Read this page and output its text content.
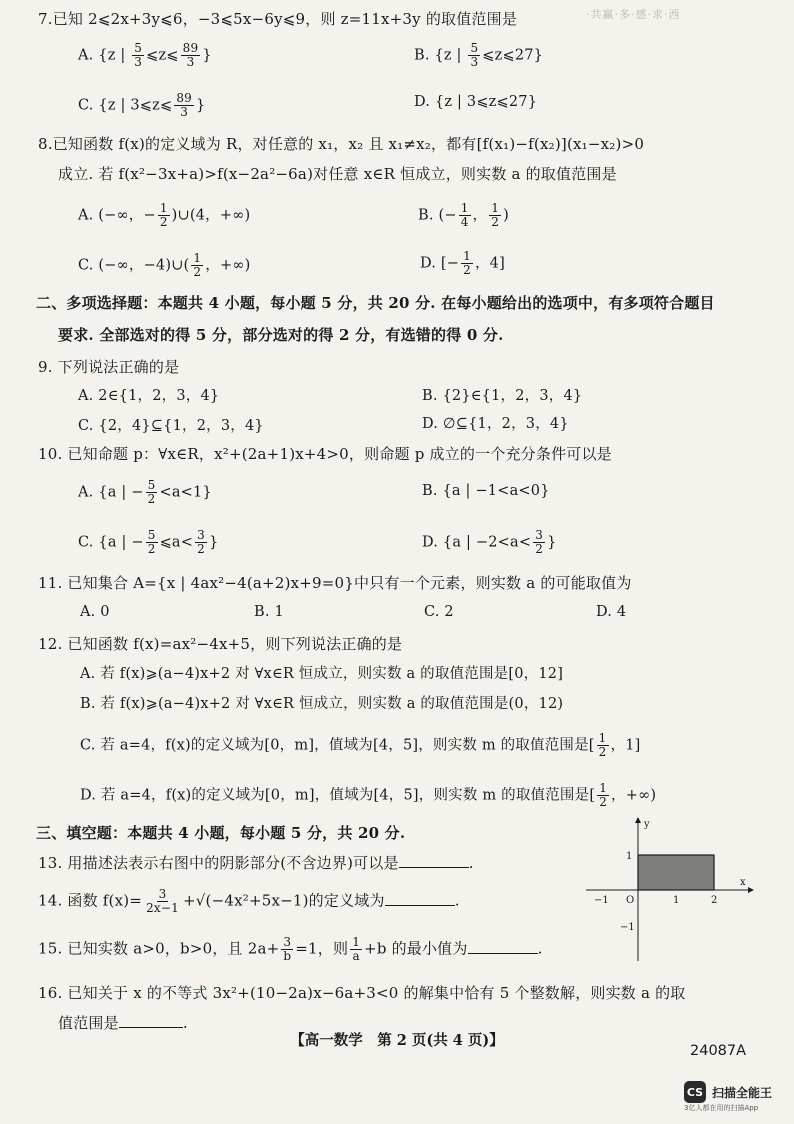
·共赢·多·感·求·西
7.已知 2⩽2x+3y⩽6，−3⩽5x−6y⩽9，则 z=11x+3y 的取值范围是
A. {z | $\frac{5}{3}$ ⩽z⩽ $\frac{89}{3}$ }	B. {z | $\frac{5}{3}$ ⩽z⩽27}
C. {z | 3⩽z⩽ $\frac{89}{3}$ }	D. {z | 3⩽z⩽27}
8.已知函数 f(x)的定义域为 R，对任意的 x₁，x₂ 且 x₁≠x₂，都有[f(x₁)−f(x₂)](x₁−x₂)>0
成立. 若 f(x²−3x+a)>f(x−2a²−6a)对任意 x∈R 恒成立，则实数 a 的取值范围是
A. (−∞，− $\frac{1}{2}$ )∪(4，+∞)	B. (− $\frac{1}{4}$ ， $\frac{1}{2}$ )
C. (−∞，−4)∪( $\frac{1}{2}$ ，+∞)	D. [− $\frac{1}{2}$ ，4]
二、多项选择题：本题共 4 小题，每小题 5 分，共 20 分. 在每小题给出的选项中，有多项符合题目
要求. 全部选对的得 5 分，部分选对的得 2 分，有选错的得 0 分.
9. 下列说法正确的是
A. 2∈{1，2，3，4}	B. {2}∈{1，2，3，4}
C. {2，4}⊆{1，2，3，4}	D. ∅⊆{1，2，3，4}
10. 已知命题 p：∀x∈R，x²+(2a+1)x+4>0，则命题 p 成立的一个充分条件可以是
A. {a | − $\frac{5}{2} <a<1$}	B. {a | −1<a<0}
C. {a | − $\frac{5}{2}$ ⩽a< $\frac{3}{2}$ }	D. {a | $-2<a< \frac{3}{2}$ }
11. 已知集合 A={x | 4ax²−4(a+2)x+9=0}中只有一个元素，则实数 a 的可能取值为
A. 0	B. 1	C. 2	D. 4
12. 已知函数 f(x)=ax²−4x+5，则下列说法正确的是
A. 若 f(x)⩾(a−4)x+2 对 ∀x∈R 恒成立，则实数 a 的取值范围是[0，12]
B. 若 f(x)⩾(a−4)x+2 对 ∀x∈R 恒成立，则实数 a 的取值范围是(0，12)
C. 若 a=4，f(x)的定义域为[0，m]，值域为[4，5]，则实数 m 的取值范围是[ $\frac{1}{2}$ ，1]
D. 若 a=4，f(x)的定义域为[0，m]，值域为[4，5]，则实数 m 的取值范围是[ $\frac{1}{2}$ ，+∞)
三、填空题：本题共 4 小题，每小题 5 分，共 20 分.
13. 用描述法表示右图中的阴影部分(不含边界)可以是	.
14. 函数 $f(x)= \frac{3}{2x-1} +√(-4x^2+5x-1)$的定义域为	.
15. 已知实数 a>0，b>0，且 $2a+ \frac{3}{b} =1$，则 $\frac{1}{a} +b$ 的最小值为	.
16. 已知关于 x 的不等式 3x²+(10−2a)x−6a+3<0 的解集中恰有 5 个整数解，则实数 a 的取
值范围是	.
x
y
O
−1	1	2
1
−1
【高一数学　第 2 页(共 4 页)】
24087A
CS 扫描全能王
3亿人都在用的扫描App
